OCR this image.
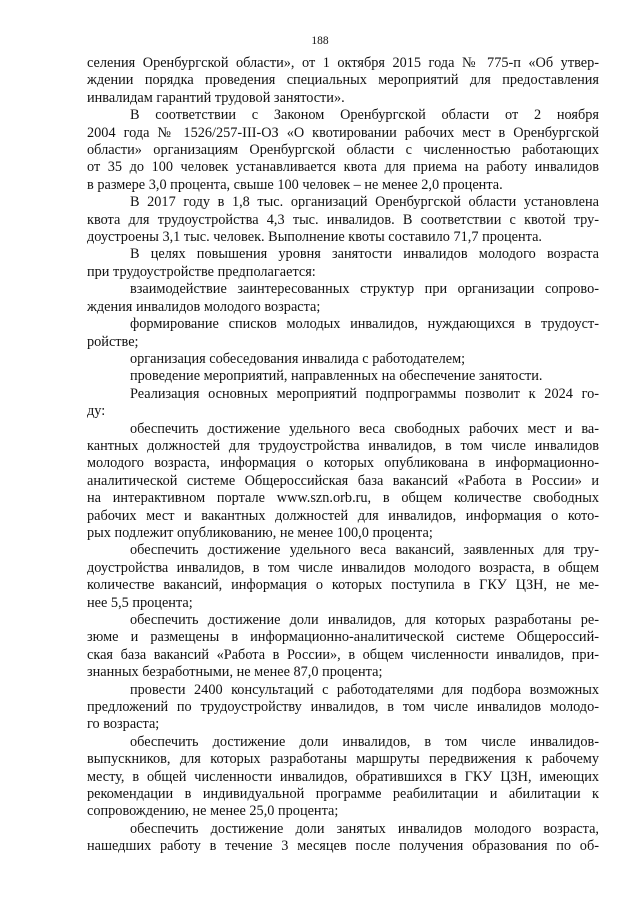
188
селения Оренбургской области», от 1 октября 2015 года № 775-п «Об утвер-
ждении порядка проведения специальных мероприятий для предоставления
инвалидам гарантий трудовой занятости».
В соответствии с Законом Оренбургской области от 2 ноября
2004 года № 1526/257-III-ОЗ «О квотировании рабочих мест в Оренбургской
области» организациям Оренбургской области с численностью работающих
от 35 до 100 человек устанавливается квота для приема на работу инвалидов
в размере 3,0 процента, свыше 100 человек – не менее 2,0 процента.
В 2017 году в 1,8 тыс. организаций Оренбургской области установлена
квота для трудоустройства 4,3 тыс. инвалидов. В соответствии с квотой тру-
доустроены 3,1 тыс. человек. Выполнение квоты составило 71,7 процента.
В целях повышения уровня занятости инвалидов молодого возраста
при трудоустройстве предполагается:
взаимодействие заинтересованных структур при организации сопрово-
ждения инвалидов молодого возраста;
формирование списков молодых инвалидов, нуждающихся в трудоуст-
ройстве;
организация собеседования инвалида с работодателем;
проведение мероприятий, направленных на обеспечение занятости.
Реализация основных мероприятий подпрограммы позволит к 2024 го-
ду:
обеспечить достижение удельного веса свободных рабочих мест и ва-
кантных должностей для трудоустройства инвалидов, в том числе инвалидов
молодого возраста, информация о которых опубликована в информационно-
аналитической системе Общероссийская база вакансий «Работа в России» и
на интерактивном портале www.szn.orb.ru, в общем количестве свободных
рабочих мест и вакантных должностей для инвалидов, информация о кото-
рых подлежит опубликованию, не менее 100,0 процента;
обеспечить достижение удельного веса вакансий, заявленных для тру-
доустройства инвалидов, в том числе инвалидов молодого возраста, в общем
количестве вакансий, информация о которых поступила в ГКУ ЦЗН, не ме-
нее 5,5 процента;
обеспечить достижение доли инвалидов, для которых разработаны ре-
зюме и размещены в информационно-аналитической системе Общероссий-
ская база вакансий «Работа в России», в общем численности инвалидов, при-
знанных безработными, не менее 87,0 процента;
провести 2400 консультаций с работодателями для подбора возможных
предложений по трудоустройству инвалидов, в том числе инвалидов молодо-
го возраста;
обеспечить достижение доли инвалидов, в том числе инвалидов-
выпускников, для которых разработаны маршруты передвижения к рабочему
месту, в общей численности инвалидов, обратившихся в ГКУ ЦЗН, имеющих
рекомендации в индивидуальной программе реабилитации и абилитации к
сопровождению, не менее 25,0 процента;
обеспечить достижение доли занятых инвалидов молодого возраста,
нашедших работу в течение 3 месяцев после получения образования по об-
